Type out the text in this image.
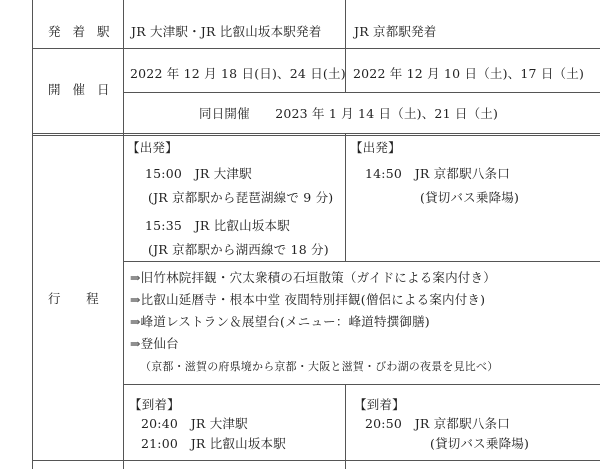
発 着 駅
開 催 日
行　　程
JR 大津駅・JR 比叡山坂本駅発着	JR 京都駅発着
2022 年 12 月 18 日(日)、24 日(土) 2022 年 12 月 10 日（土)、17 日（土)
同日開催　　2023 年 1 月 14 日（土)、21 日（土)
【出発】
15:00　JR 大津駅
(JR 京都駅から琵琶湖線で 9 分)
15:35　JR 比叡山坂本駅
(JR 京都駅から湖西線で 18 分)
【出発】
14:50　JR 京都駅八条口
(貸切バス乗降場)
⇒旧竹林院拝観・穴太衆積の石垣散策（ガイドによる案内付き）
⇒比叡山延暦寺・根本中堂 夜間特別拝観(僧侶による案内付き)
⇒峰道レストラン＆展望台(メニュー：峰道特撰御膳)
⇒登仙台
（京都・滋賀の府県境から京都・大阪と滋賀・びわ湖の夜景を見比べ）
【到着】
20:40　JR 大津駅
21:00　JR 比叡山坂本駅
【到着】
20:50　JR 京都駅八条口
(貸切バス乗降場)
